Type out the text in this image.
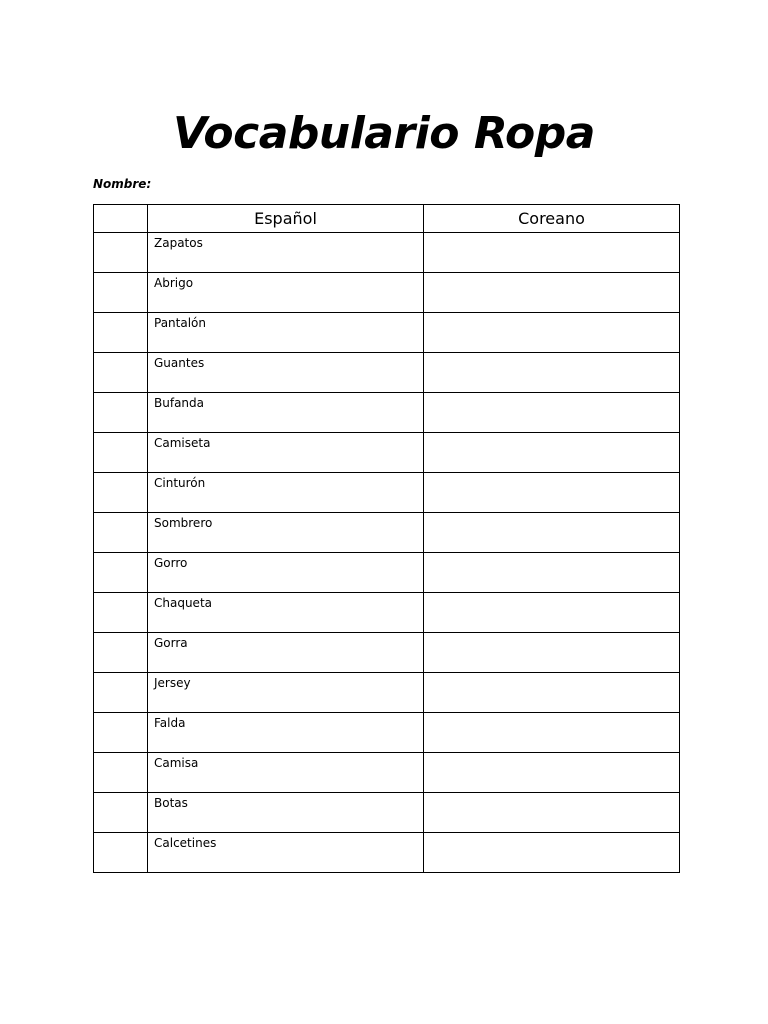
Vocabulario Ropa
Nombre:
	Español	Coreano
	Zapatos	
	Abrigo	
	Pantalón	
	Guantes	
	Bufanda	
	Camiseta	
	Cinturón	
	Sombrero	
	Gorro	
	Chaqueta	
	Gorra	
	Jersey	
	Falda	
	Camisa	
	Botas	
	Calcetines	
